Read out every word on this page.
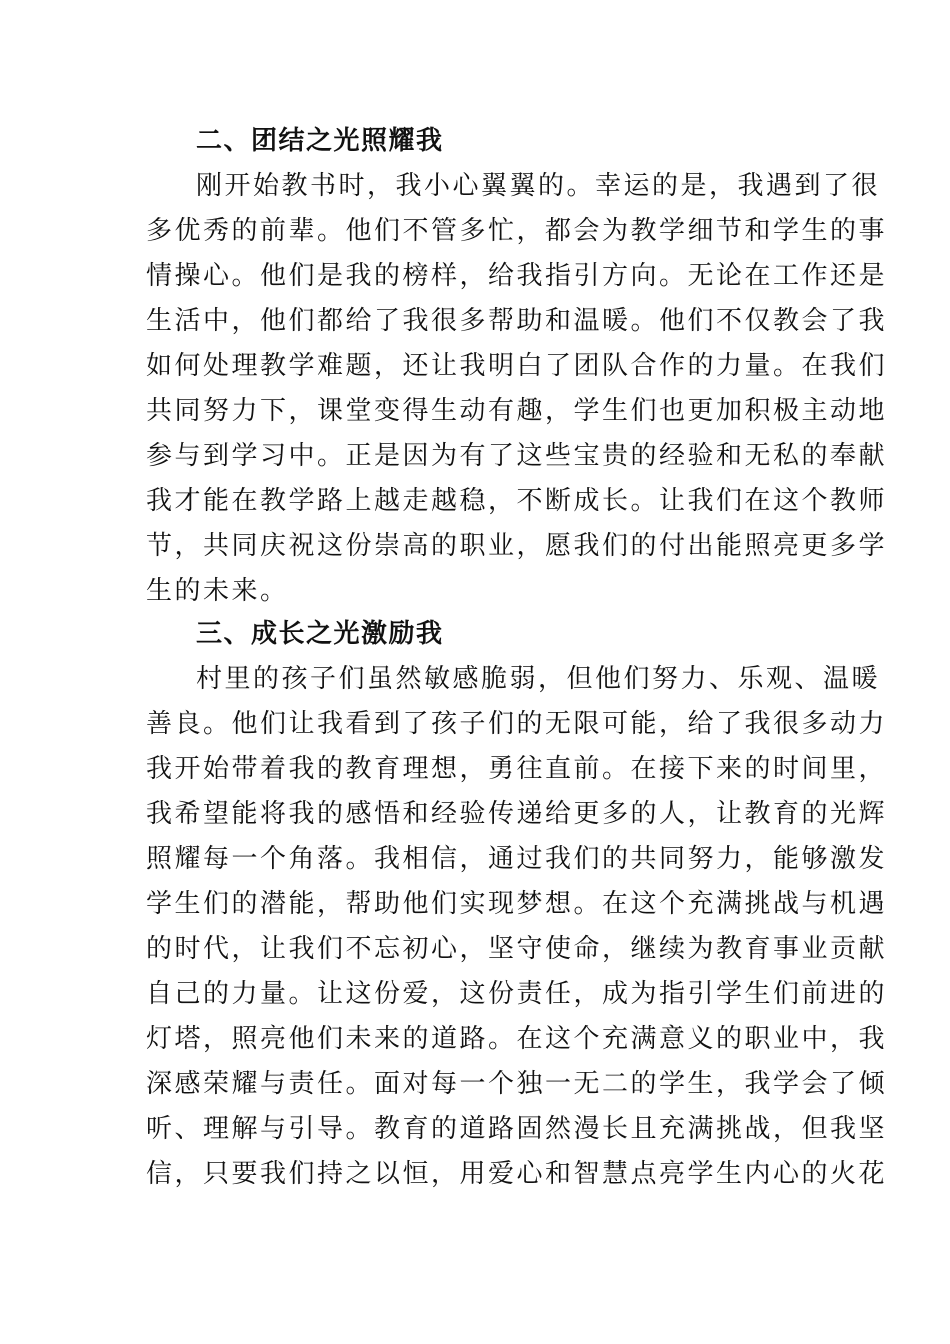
二、团结之光照耀我
刚开始教书时，我小心翼翼的。幸运的是，我遇到了很
多优秀的前辈。他们不管多忙，都会为教学细节和学生的事
情操心。他们是我的榜样，给我指引方向。无论在工作还是
生活中，他们都给了我很多帮助和温暖。他们不仅教会了我
如何处理教学难题，还让我明白了团队合作的力量。在我们
共同努力下，课堂变得生动有趣，学生们也更加积极主动地
参与到学习中。正是因为有了这些宝贵的经验和无私的奉献
我才能在教学路上越走越稳，不断成长。让我们在这个教师
节，共同庆祝这份崇高的职业，愿我们的付出能照亮更多学
生的未来。
三、成长之光激励我
村里的孩子们虽然敏感脆弱，但他们努力、乐观、温暖
善良。他们让我看到了孩子们的无限可能，给了我很多动力
我开始带着我的教育理想，勇往直前。在接下来的时间里，
我希望能将我的感悟和经验传递给更多的人，让教育的光辉
照耀每一个角落。我相信，通过我们的共同努力，能够激发
学生们的潜能，帮助他们实现梦想。在这个充满挑战与机遇
的时代，让我们不忘初心，坚守使命，继续为教育事业贡献
自己的力量。让这份爱，这份责任，成为指引学生们前进的
灯塔，照亮他们未来的道路。在这个充满意义的职业中，我
深感荣耀与责任。面对每一个独一无二的学生，我学会了倾
听、理解与引导。教育的道路固然漫长且充满挑战，但我坚
信，只要我们持之以恒，用爱心和智慧点亮学生内心的火花
